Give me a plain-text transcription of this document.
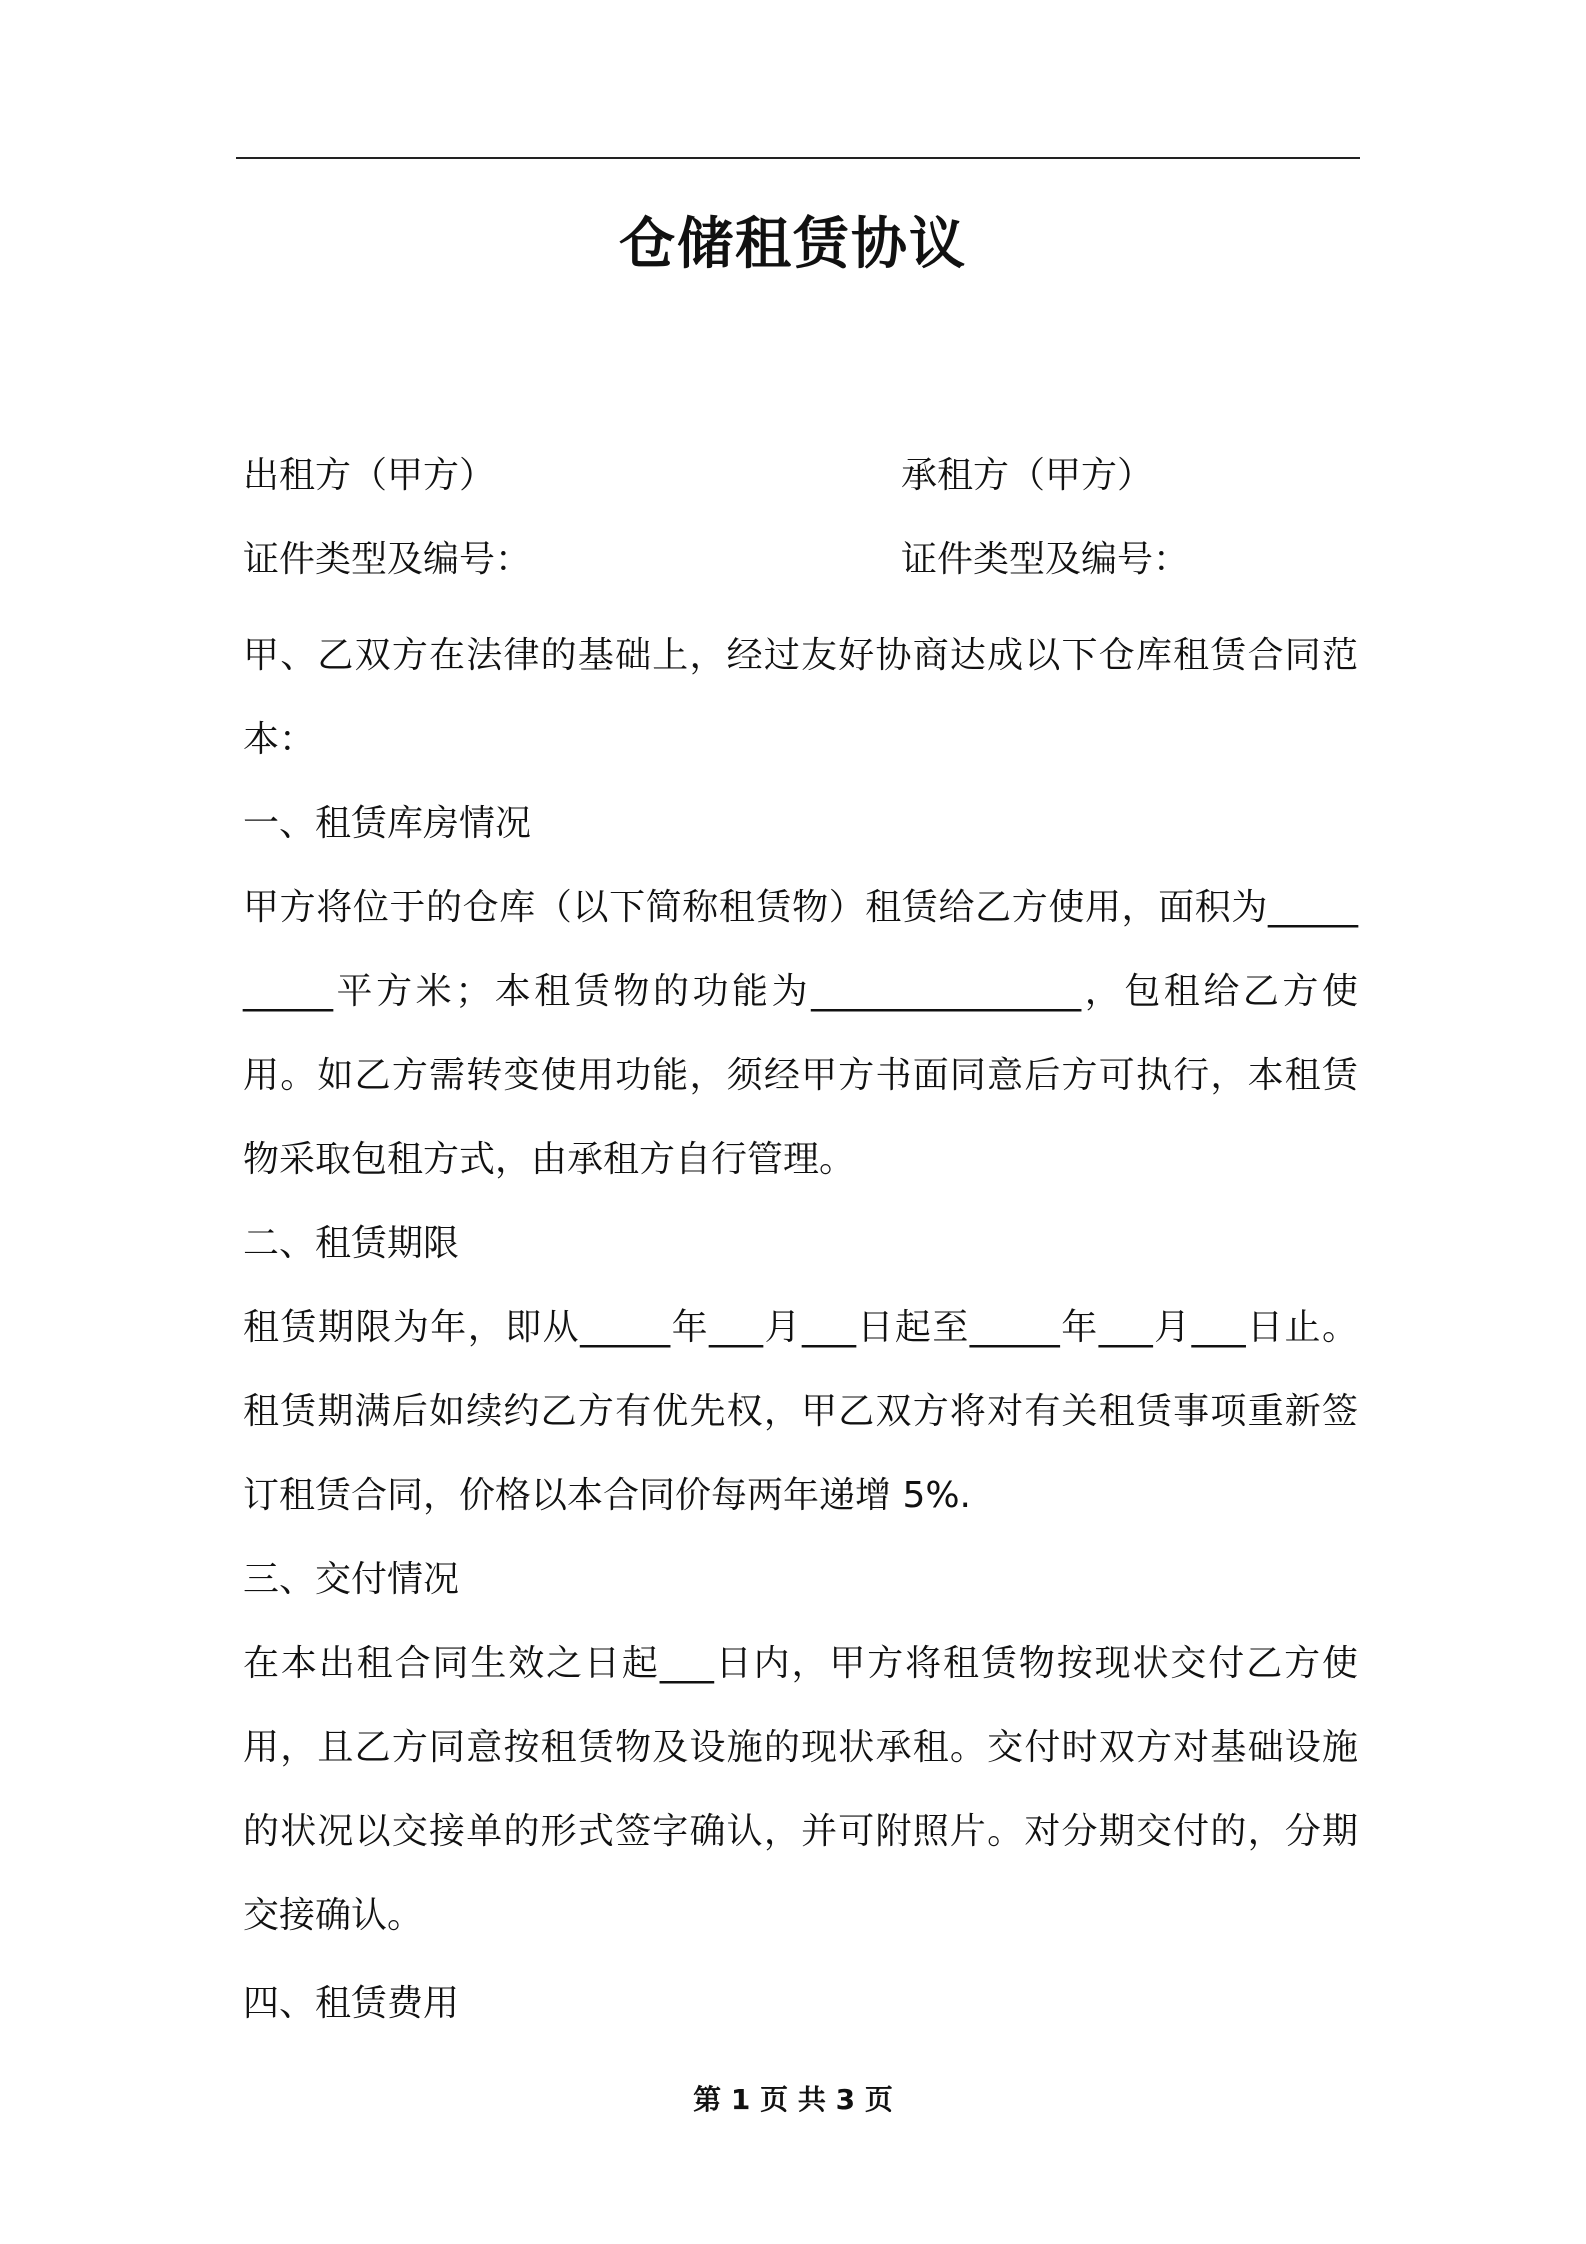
仓储租赁协议
出租方（甲方）	承租方（甲方）
证件类型及编号：	证件类型及编号：

甲、乙双方在法律的基础上，经过友好协商达成以下仓库租赁合同范本：

一、租赁库房情况

甲方将位于的仓库（以下简称租赁物）租赁给乙方使用，面积为__________平方米；本租赁物的功能为_______________，包租给乙方使用。如乙方需转变使用功能，须经甲方书面同意后方可执行，本租赁物采取包租方式，由承租方自行管理。

二、租赁期限

租赁期限为年，即从_____年___月___日起至_____年___月___日止。租赁期满后如续约乙方有优先权，甲乙双方将对有关租赁事项重新签订租赁合同，价格以本合同价每两年递增 5%.

三、交付情况

在本出租合同生效之日起___日内，甲方将租赁物按现状交付乙方使用，且乙方同意按租赁物及设施的现状承租。交付时双方对基础设施的状况以交接单的形式签字确认，并可附照片。对分期交付的，分期交接确认。

四、租赁费用

第 1 页 共 3 页
